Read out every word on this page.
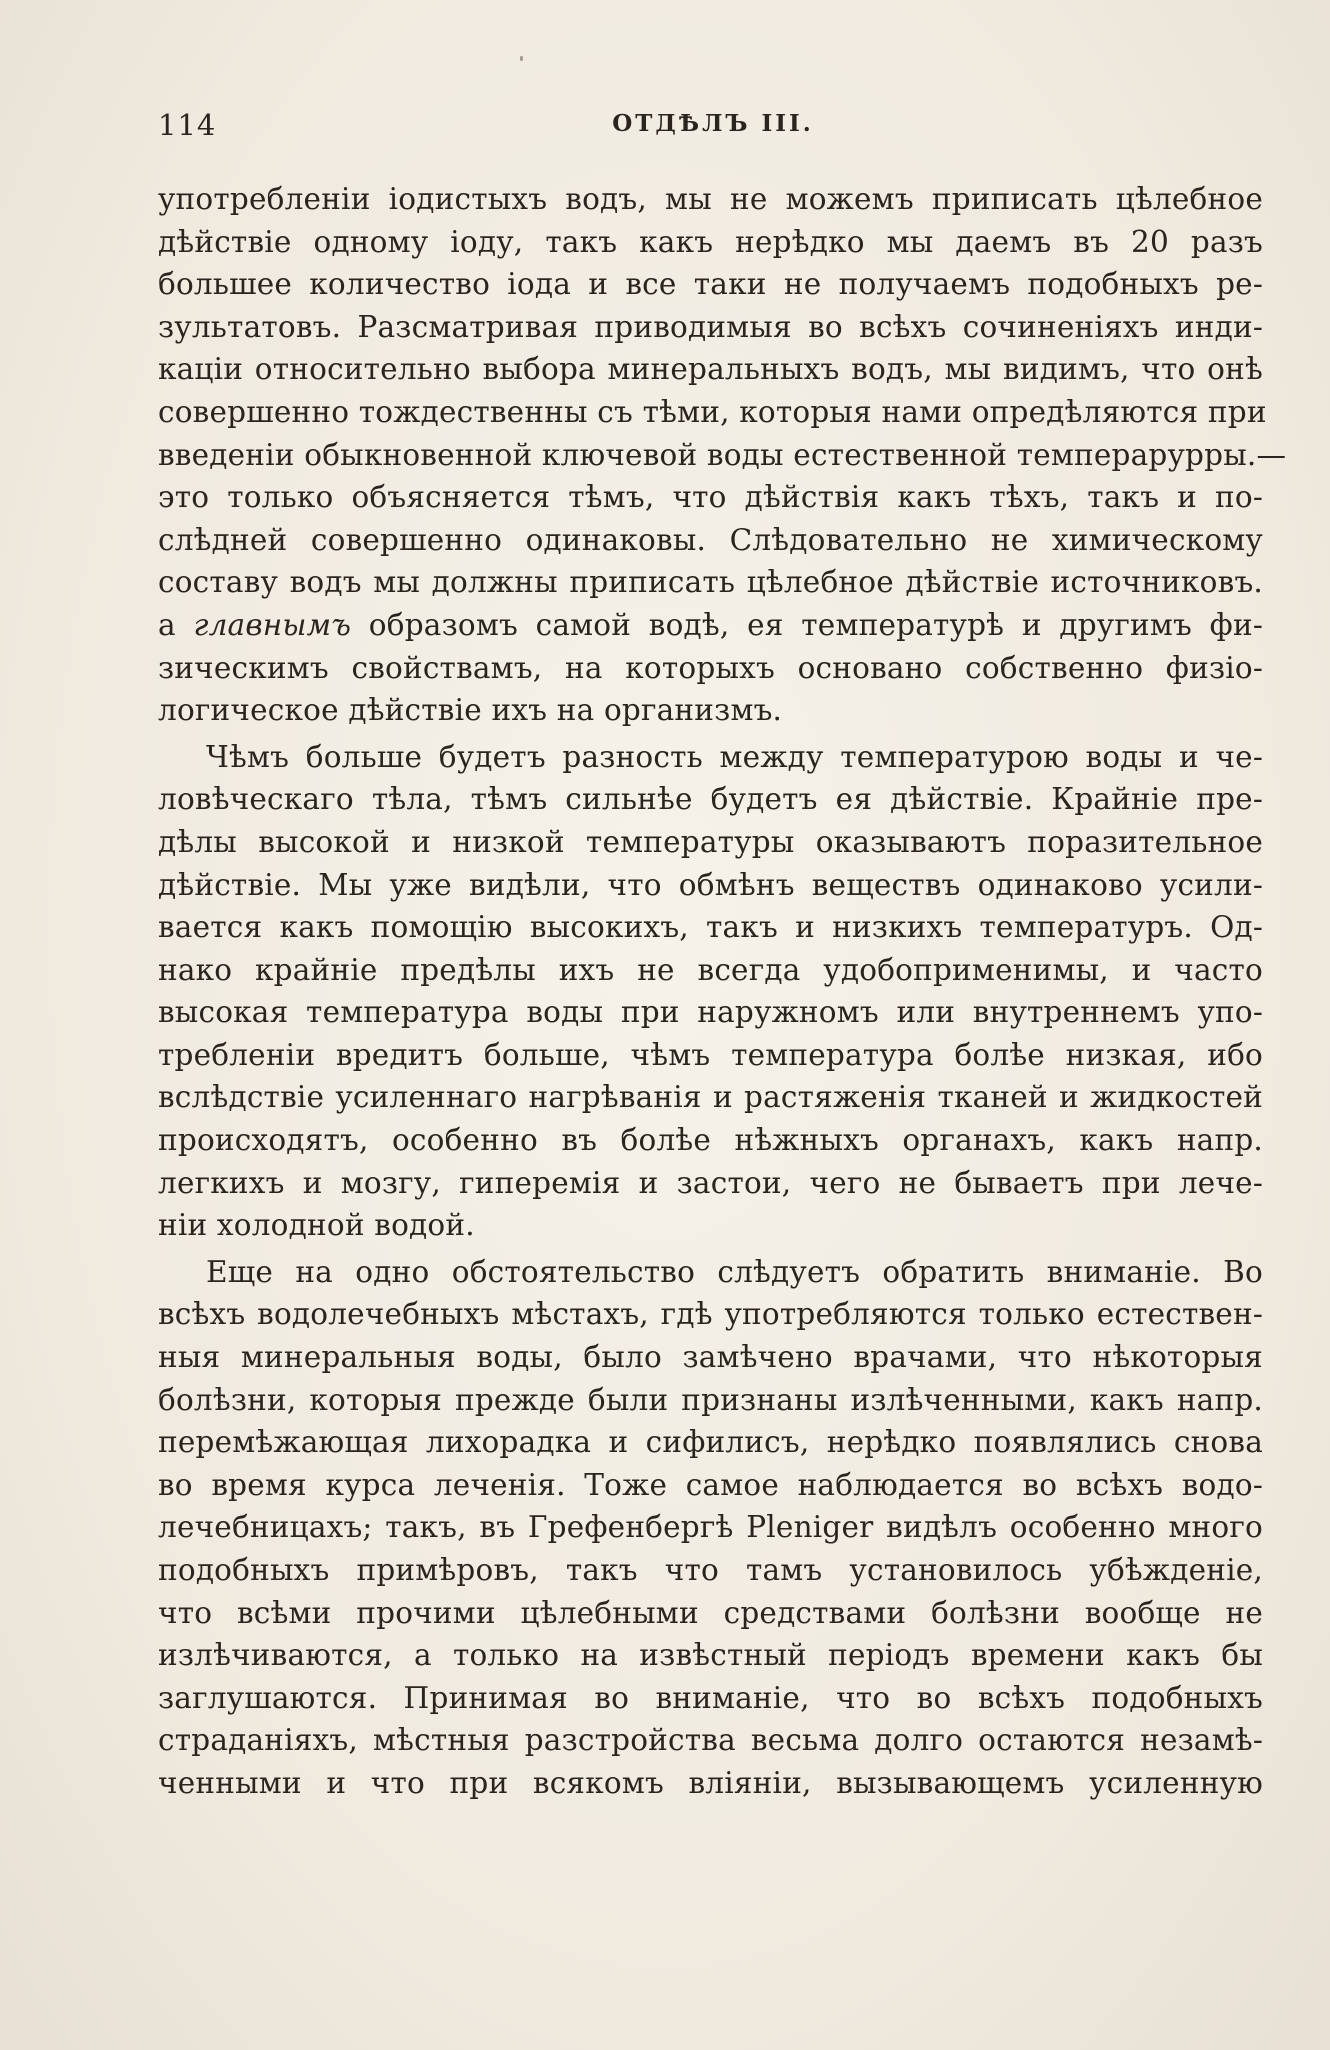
114	ОТДѢЛЪ III.
употребленіи іодистыхъ водъ, мы не можемъ приписать цѣлебное
дѣйствіе одному іоду, такъ какъ нерѣдко мы даемъ въ 20 разъ
большее количество іода и все таки не получаемъ подобныхъ ре-
зультатовъ. Разсматривая приводимыя во всѣхъ сочиненіяхъ инди-
каціи относительно выбора минеральныхъ водъ, мы видимъ, что онѣ
совершенно тождественны съ тѣми, которыя нами опредѣляются при
введеніи обыкновенной ключевой воды естественной темперарурры.—
это только объясняется тѣмъ, что дѣйствія какъ тѣхъ, такъ и по-
слѣдней совершенно одинаковы. Слѣдовательно не химическому
составу водъ мы должны приписать цѣлебное дѣйствіе источниковъ.
а главнымъ образомъ самой водѣ, ея температурѣ и другимъ фи-
зическимъ свойствамъ, на которыхъ основано собственно физіо-
логическое дѣйствіе ихъ на организмъ.
Чѣмъ больше будетъ разность между температурою воды и че-
ловѣческаго тѣла, тѣмъ сильнѣе будетъ ея дѣйствіе. Крайніе пре-
дѣлы высокой и низкой температуры оказываютъ поразительное
дѣйствіе. Мы уже видѣли, что обмѣнъ веществъ одинаково усили-
вается какъ помощію высокихъ, такъ и низкихъ температуръ. Од-
нако крайніе предѣлы ихъ не всегда удобоприменимы, и часто
высокая температура воды при наружномъ или внутреннемъ упо-
требленіи вредитъ больше, чѣмъ температура болѣе низкая, ибо
вслѣдствіе усиленнаго нагрѣванія и растяженія тканей и жидкостей
происходятъ, особенно въ болѣе нѣжныхъ органахъ, какъ напр.
легкихъ и мозгу, гиперемія и застои, чего не бываетъ при лече-
ніи холодной водой.
Еще на одно обстоятельство слѣдуетъ обратить вниманіе. Во
всѣхъ водолечебныхъ мѣстахъ, гдѣ употребляются только естествен-
ныя минеральныя воды, было замѣчено врачами, что нѣкоторыя
болѣзни, которыя прежде были признаны излѣченными, какъ напр.
перемѣжающая лихорадка и сифилисъ, нерѣдко появлялись снова
во время курса леченія. Тоже самое наблюдается во всѣхъ водо-
лечебницахъ; такъ, въ Грефенбергѣ Pleniger видѣлъ особенно много
подобныхъ примѣровъ, такъ что тамъ установилось убѣжденіе,
что всѣми прочими цѣлебными средствами болѣзни вообще не
излѣчиваются, а только на извѣстный періодъ времени какъ бы
заглушаются. Принимая во вниманіе, что во всѣхъ подобныхъ
страданіяхъ, мѣстныя разстройства весьма долго остаются незамѣ-
ченными и что при всякомъ вліяніи, вызывающемъ усиленную
